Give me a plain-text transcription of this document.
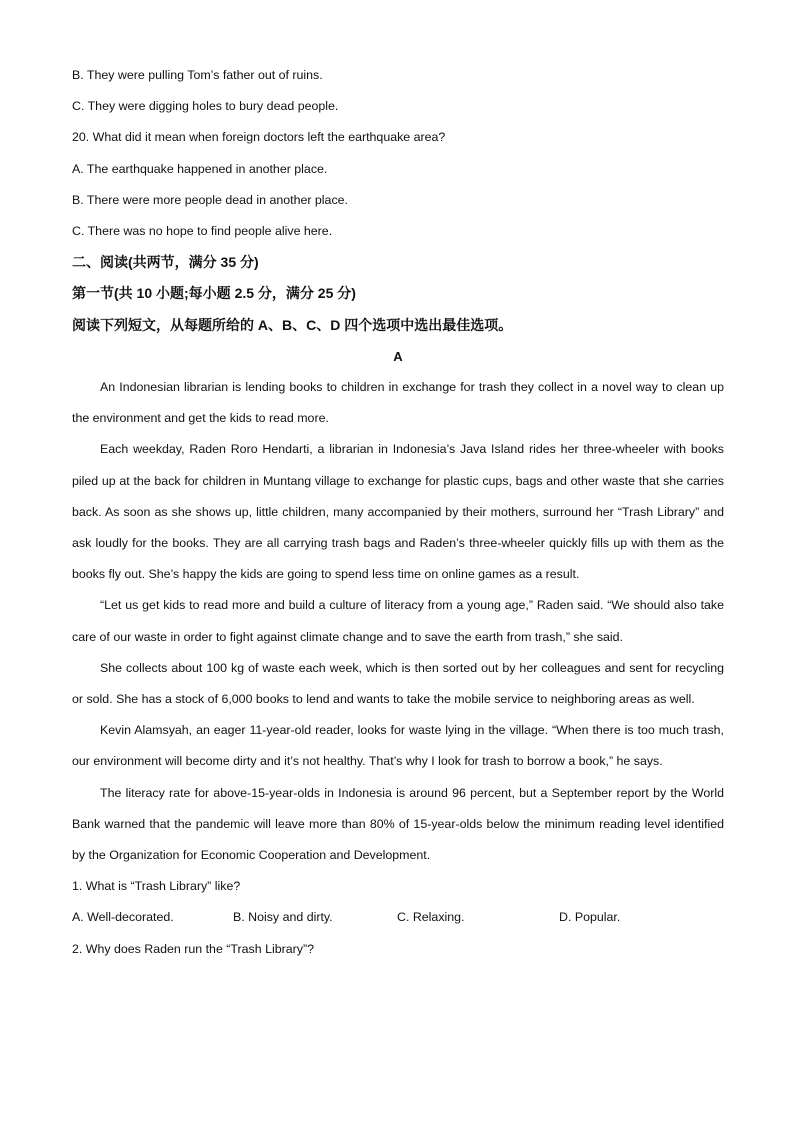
B. They were pulling Tom’s father out of ruins.
C. They were digging holes to bury dead people.
20. What did it mean when foreign doctors left the earthquake area?
A. The earthquake happened in another place.
B. There were more people dead in another place.
C. There was no hope to find people alive here.
二、阅读(共两节，满分 35 分)
第一节(共 10 小题;每小题 2.5 分，满分 25 分)
阅读下列短文，从每题所给的 A、B、C、D 四个选项中选出最佳选项。
A

An Indonesian librarian is lending books to children in exchange for trash they collect in a novel way to clean up the environment and get the kids to read more.

Each weekday, Raden Roro Hendarti, a librarian in Indonesia’s Java Island rides her three-wheeler with books piled up at the back for children in Muntang village to exchange for plastic cups, bags and other waste that she carries back. As soon as she shows up, little children, many accompanied by their mothers, surround her “Trash Library” and ask loudly for the books. They are all carrying trash bags and Raden’s three-wheeler quickly fills up with them as the books fly out. She’s happy the kids are going to spend less time on online games as a result.

“Let us get kids to read more and build a culture of literacy from a young age,” Raden said. “We should also take care of our waste in order to fight against climate change and to save the earth from trash,” she said.

She collects about 100 kg of waste each week, which is then sorted out by her colleagues and sent for recycling or sold. She has a stock of 6,000 books to lend and wants to take the mobile service to neighboring areas as well.

Kevin Alamsyah, an eager 11-year-old reader, looks for waste lying in the village. “When there is too much trash, our environment will become dirty and it’s not healthy. That’s why I look for trash to borrow a book,” he says.

The literacy rate for above-15-year-olds in Indonesia is around 96 percent, but a September report by the World Bank warned that the pandemic will leave more than 80% of 15-year-olds below the minimum reading level identified by the Organization for Economic Cooperation and Development.

1. What is “Trash Library” like?
A. Well-decorated.	B. Noisy and dirty.	C. Relaxing.	D. Popular.
2. Why does Raden run the “Trash Library”?
